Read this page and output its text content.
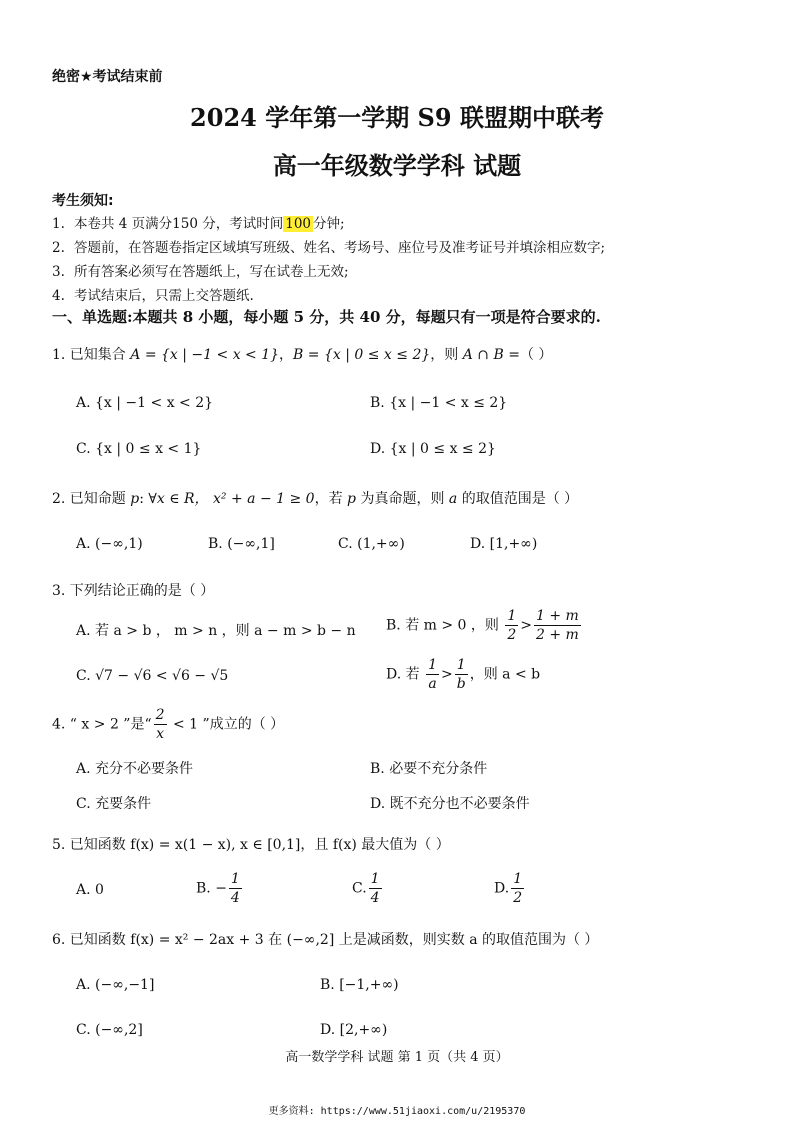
绝密★考试结束前
2024 学年第一学期 S9 联盟期中联考
高一年级数学学科 试题
考生须知:
1. 本卷共 4 页满分150 分，考试时间 100 分钟;
2. 答题前，在答题卷指定区域填写班级、姓名、考场号、座位号及准考证号并填涂相应数字;
3. 所有答案必须写在答题纸上，写在试卷上无效;
4. 考试结束后，只需上交答题纸.
一、单选题:本题共 8 小题，每小题 5 分，共 40 分，每题只有一项是符合要求的.
1. 已知集合 A = {x | −1 < x < 1}，B = {x | 0 ≤ x ≤ 2}，则 A ∩ B =（ ）
A. {x | −1 < x < 2}	B. {x | −1 < x ≤ 2}
C. {x | 0 ≤ x < 1}	D. {x | 0 ≤ x ≤ 2}
2. 已知命题 p: ∀x ∈ R， x² + a − 1 ≥ 0，若 p 为真命题，则 a 的取值范围是（ ）
A. (−∞,1)	B. (−∞,1]	C. (1,+∞)	D. [1,+∞)
3. 下列结论正确的是（ ）
A. 若 a > b ， m > n ，则 a − m > b − n B. 若 m > 0 ，则 $\frac{1}{2} > \frac{1 + m}{2 + m}$
C. √7 − √6 < √6 − √5	D. 若 $\frac{1}{a} > \frac{1}{b}$ ，则 a < b
4. “ x > 2 ”是“ $\frac{2}{x} < 1$ ”成立的（ ）
A. 充分不必要条件	B. 必要不充分条件
C. 充要条件	D. 既不充分也不必要条件
5. 已知函数 f(x) = x(1 − x), x ∈ [0,1]，且 f(x) 最大值为（ ）
A. 0	B. − $\frac{1}{4}$	C. $\frac{1}{4}$	D. $\frac{1}{2}$
6. 已知函数 f(x) = x² − 2ax + 3 在 (−∞,2] 上是减函数，则实数 a 的取值范围为（ ）
A. (−∞,−1]	B. [−1,+∞)
C. (−∞,2]	D. [2,+∞)
高一数学学科 试题 第 1 页（共 4 页）
更多资料: https://www.51jiaoxi.com/u/2195370
